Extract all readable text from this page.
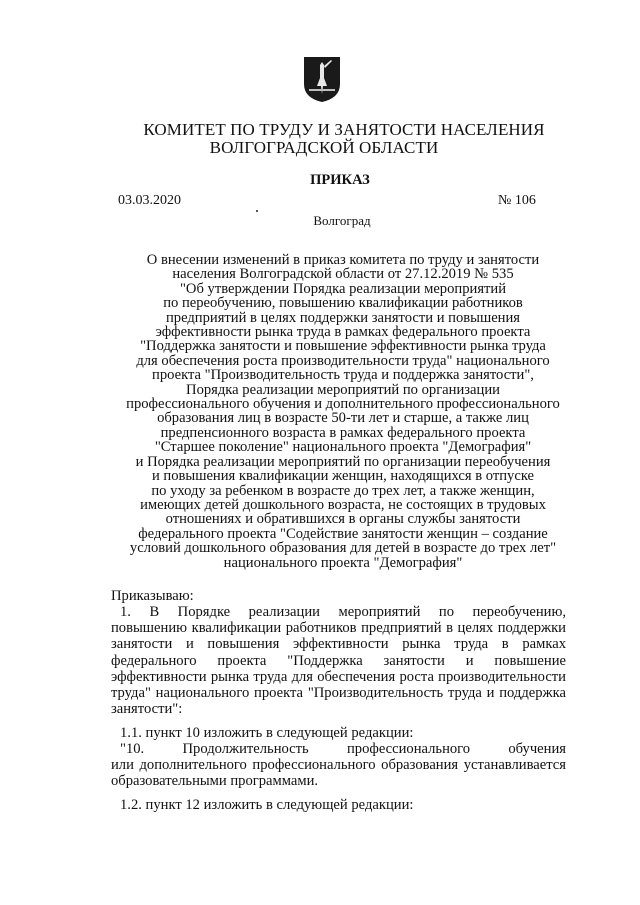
КОМИТЕТ ПО ТРУДУ И ЗАНЯТОСТИ НАСЕЛЕНИЯ
ВОЛГОГРАДСКОЙ ОБЛАСТИ
ПРИКАЗ
03.03.2020	№ 106
Волгоград
О внесении изменений в приказ комитета по труду и занятости
населения Волгоградской области от 27.12.2019 № 535
"Об утверждении Порядка реализации мероприятий
по переобучению, повышению квалификации работников
предприятий в целях поддержки занятости и повышения
эффективности рынка труда в рамках федерального проекта
"Поддержка занятости и повышение эффективности рынка труда
для обеспечения роста производительности труда" национального
проекта "Производительность труда и поддержка занятости",
Порядка реализации мероприятий по организации
профессионального обучения и дополнительного профессионального
образования лиц в возрасте 50-ти лет и старше, а также лиц
предпенсионного возраста в рамках федерального проекта
"Старшее поколение" национального проекта "Демография"
и Порядка реализации мероприятий по организации переобучения
и повышения квалификации женщин, находящихся в отпуске
по уходу за ребенком в возрасте до трех лет, а также женщин,
имеющих детей дошкольного возраста, не состоящих в трудовых
отношениях и обратившихся в органы службы занятости
федерального проекта "Содействие занятости женщин – создание
условий дошкольного образования для детей в возрасте до трех лет"
национального проекта "Демография"
Приказываю:
1. В Порядке реализации мероприятий по переобучению,
повышению квалификации работников предприятий в целях поддержки занятости и повышения эффективности рынка труда в рамках федерального проекта "Поддержка занятости и повышение эффективности рынка труда для обеспечения роста производительности труда" национального проекта "Производительность труда и поддержка занятости":
1.1. пункт 10 изложить в следующей редакции:
"10. Продолжительность профессионального обучения
или дополнительного профессионального образования устанавливается образовательными программами.
1.2. пункт 12 изложить в следующей редакции:
